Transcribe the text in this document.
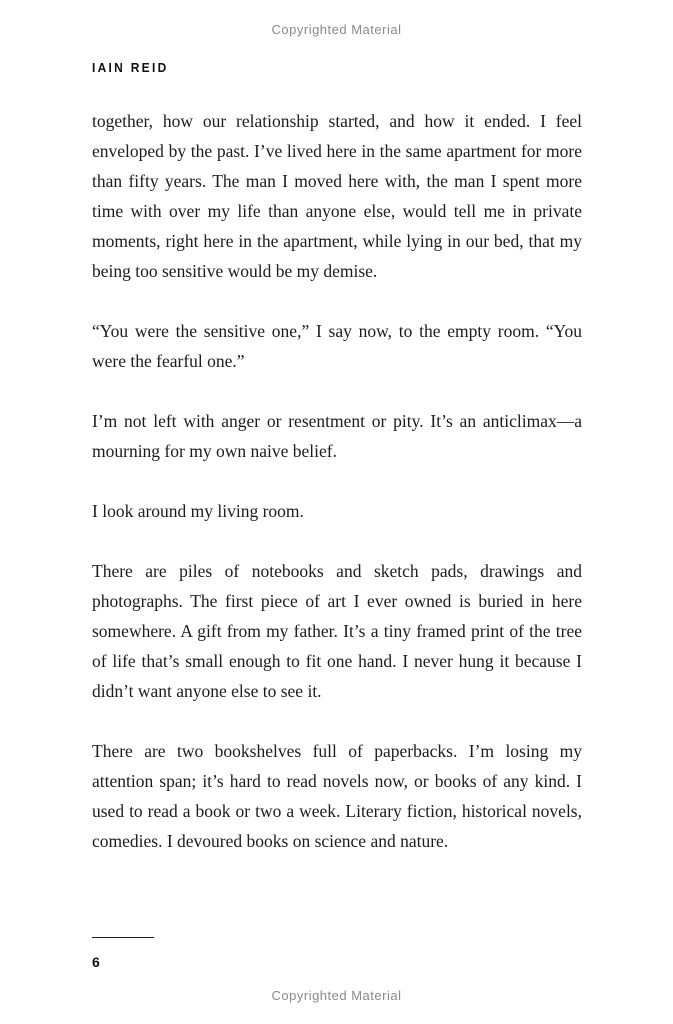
Copyrighted Material
IAIN REID

together, how our relationship started, and how it ended. I feel enveloped by the past. I’ve lived here in the same apartment for more than fifty years. The man I moved here with, the man I spent more time with over my life than anyone else, would tell me in private moments, right here in the apartment, while lying in our bed, that my being too sensitive would be my demise.

“You were the sensitive one,” I say now, to the empty room. “You were the fearful one.”

I’m not left with anger or resentment or pity. It’s an anticlimax—a mourning for my own naive belief.

I look around my living room.

There are piles of notebooks and sketch pads, drawings and photographs. The first piece of art I ever owned is buried in here somewhere. A gift from my father. It’s a tiny framed print of the tree of life that’s small enough to fit one hand. I never hung it because I didn’t want anyone else to see it.

There are two bookshelves full of paperbacks. I’m losing my attention span; it’s hard to read novels now, or books of any kind. I used to read a book or two a week. Literary fiction, historical novels, comedies. I devoured books on science and nature.

6
Copyrighted Material
